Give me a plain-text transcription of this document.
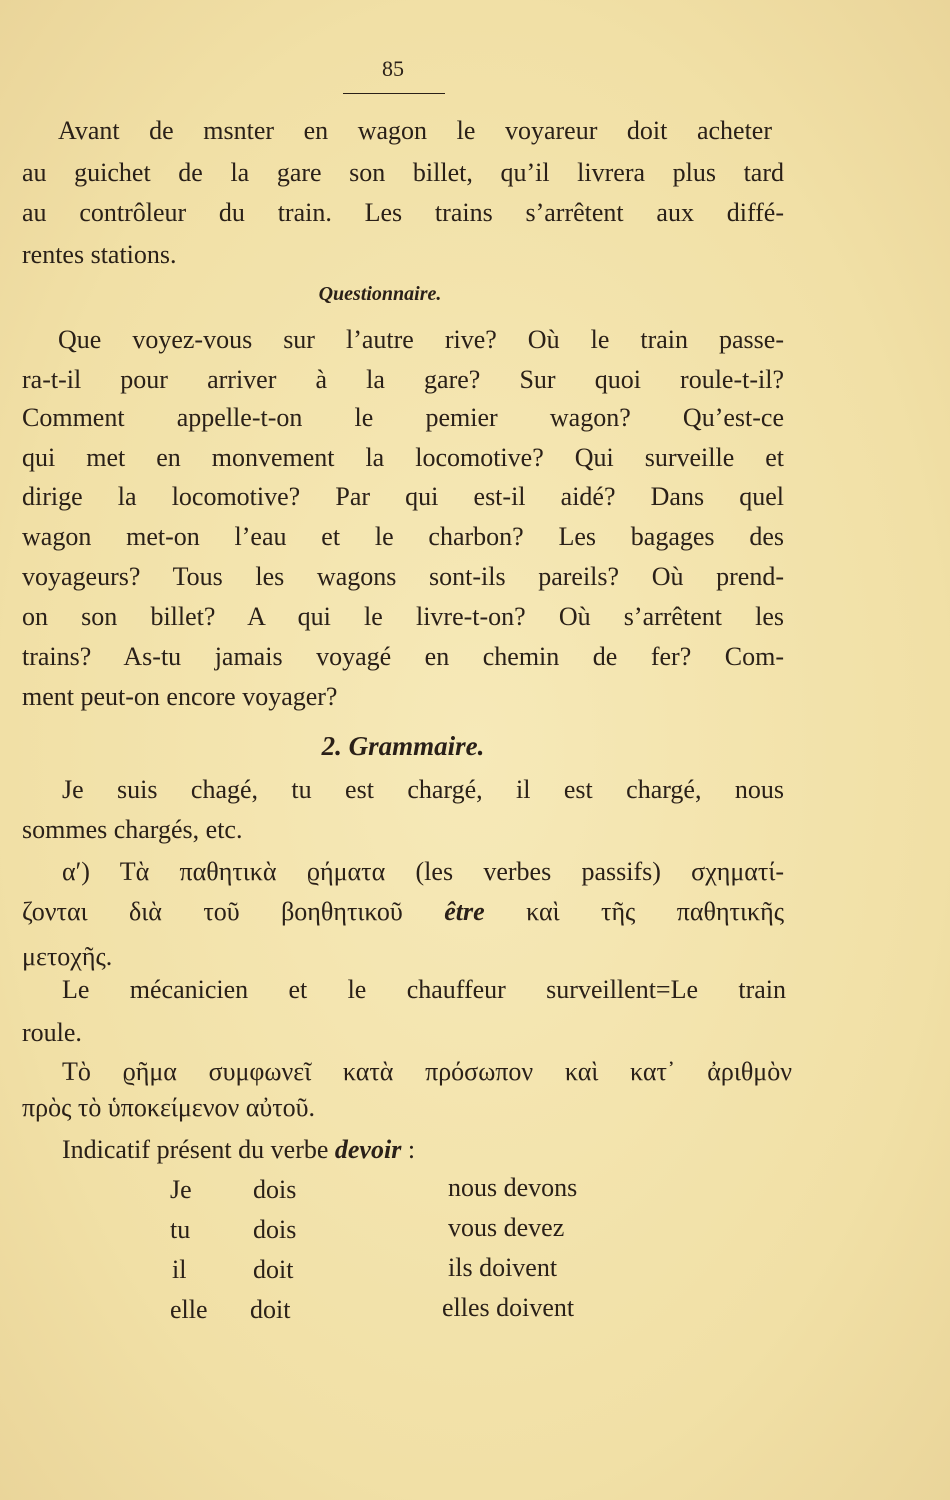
85
Avant de msnter en wagon le voyareur doit acheter
au guichet de la gare son billet, qu’il livrera plus tard
au contrôleur du train. Les trains s’arrêtent aux diffé-
rentes stations.
Questionnaire.
Que voyez-vous sur l’autre rive? Où le train passe-
ra-t-il pour arriver à la gare? Sur quoi roule-t-il?
Comment appelle-t-on le pemier wagon? Qu’est-ce
qui met en monvement la locomotive? Qui surveille et
dirige la locomotive? Par qui est-il aidé? Dans quel
wagon met-on l’eau et le charbon? Les bagages des
voyageurs? Tous les wagons sont-ils pareils? Où prend-
on son billet? A qui le livre-t-on? Où s’arrêtent les
trains? As-tu jamais voyagé en chemin de fer? Com-
ment peut-on encore voyager?
2. Grammaire.
Je suis chagé, tu est chargé, il est chargé, nous
sommes chargés, etc.
α′) Τὰ παθητικὰ ϱήματα (les verbes passifs) σχηματί-
ζονται διὰ τοῦ βοηθητικοῦ être καὶ τῆς παθητικῆς
μετοχῆς.
Le mécanicien et le chauffeur surveillent=Le train
roule.
Τὸ ϱῆμα συμφωνεῖ κατὰ πρόσωπον καὶ κατ᾽ ἀριθμὸν
πρὸς τὸ ὑποκείμενον αὐτοῦ.
Indicatif présent du verbe devoir :
Je dois	nous devons
tu dois	vous devez
il	doit	ils doivent
elle doit	elles doivent
